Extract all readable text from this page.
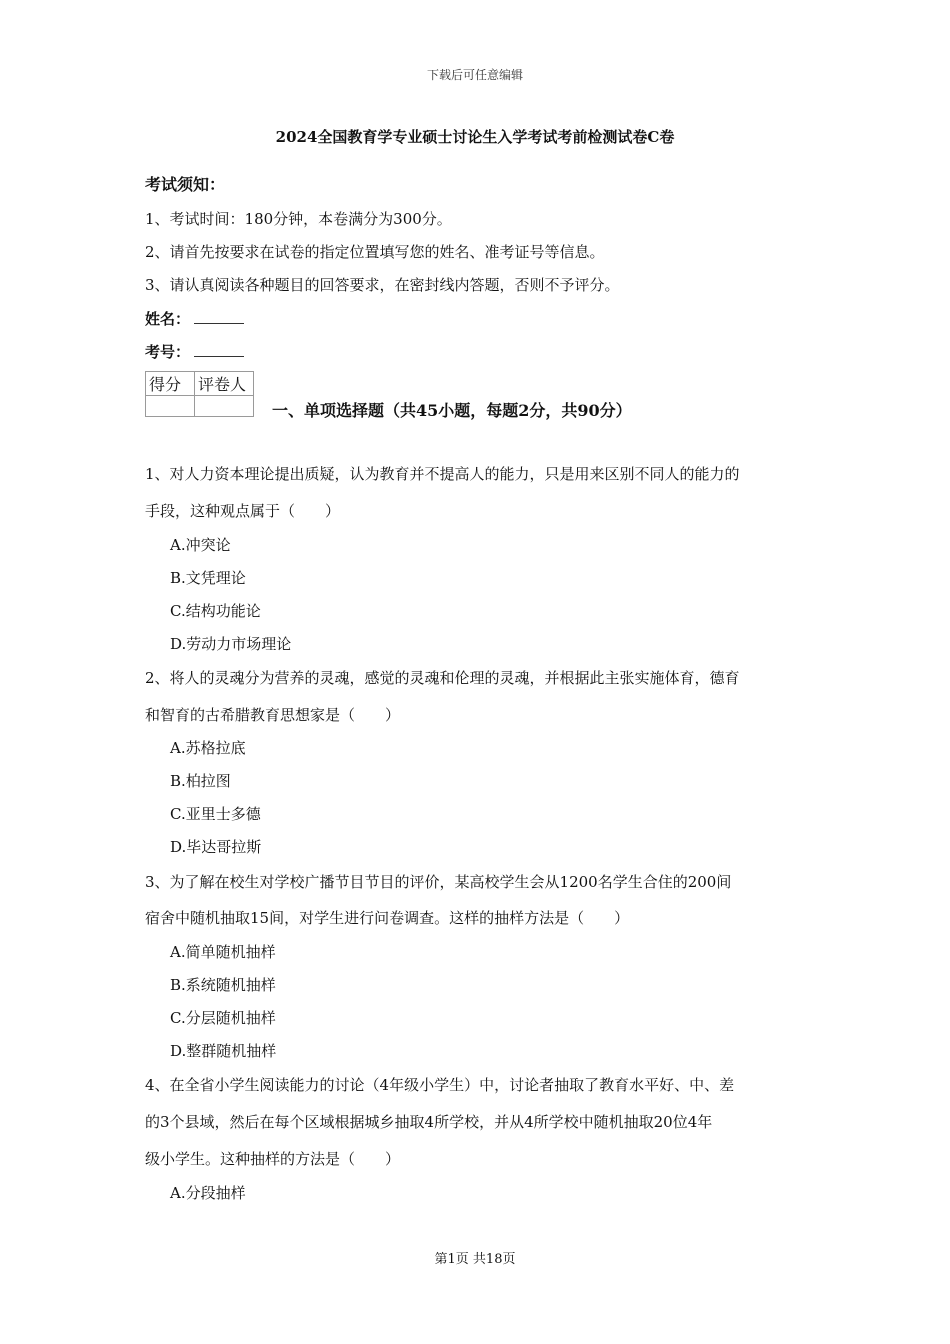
下载后可任意编辑
2024全国教育学专业硕士讨论生入学考试考前检测试卷C卷
考试须知：
1、考试时间：180分钟，本卷满分为300分。
2、请首先按要求在试卷的指定位置填写您的姓名、准考证号等信息。
3、请认真阅读各种题目的回答要求，在密封线内答题，否则不予评分。
姓名：
考号：
得分	评卷人

一、单项选择题（共45小题，每题2分，共90分）
1、对人力资本理论提出质疑，认为教育并不提高人的能力，只是用来区别不同人的能力的
手段，这种观点属于（　　）
A.冲突论
B.文凭理论
C.结构功能论
D.劳动力市场理论
2、将人的灵魂分为营养的灵魂，感觉的灵魂和伦理的灵魂，并根据此主张实施体育，德育
和智育的古希腊教育思想家是（　　）
A.苏格拉底
B.柏拉图
C.亚里士多德
D.毕达哥拉斯
3、为了解在校生对学校广播节目节目的评价，某高校学生会从1200名学生合住的200间
宿舍中随机抽取15间，对学生进行问卷调查。这样的抽样方法是（　　）
A.简单随机抽样
B.系统随机抽样
C.分层随机抽样
D.整群随机抽样
4、在全省小学生阅读能力的讨论（4年级小学生）中，讨论者抽取了教育水平好、中、差
的3个县域，然后在每个区域根据城乡抽取4所学校，并从4所学校中随机抽取20位4年
级小学生。这种抽样的方法是（　　）
A.分段抽样
第1页 共18页
